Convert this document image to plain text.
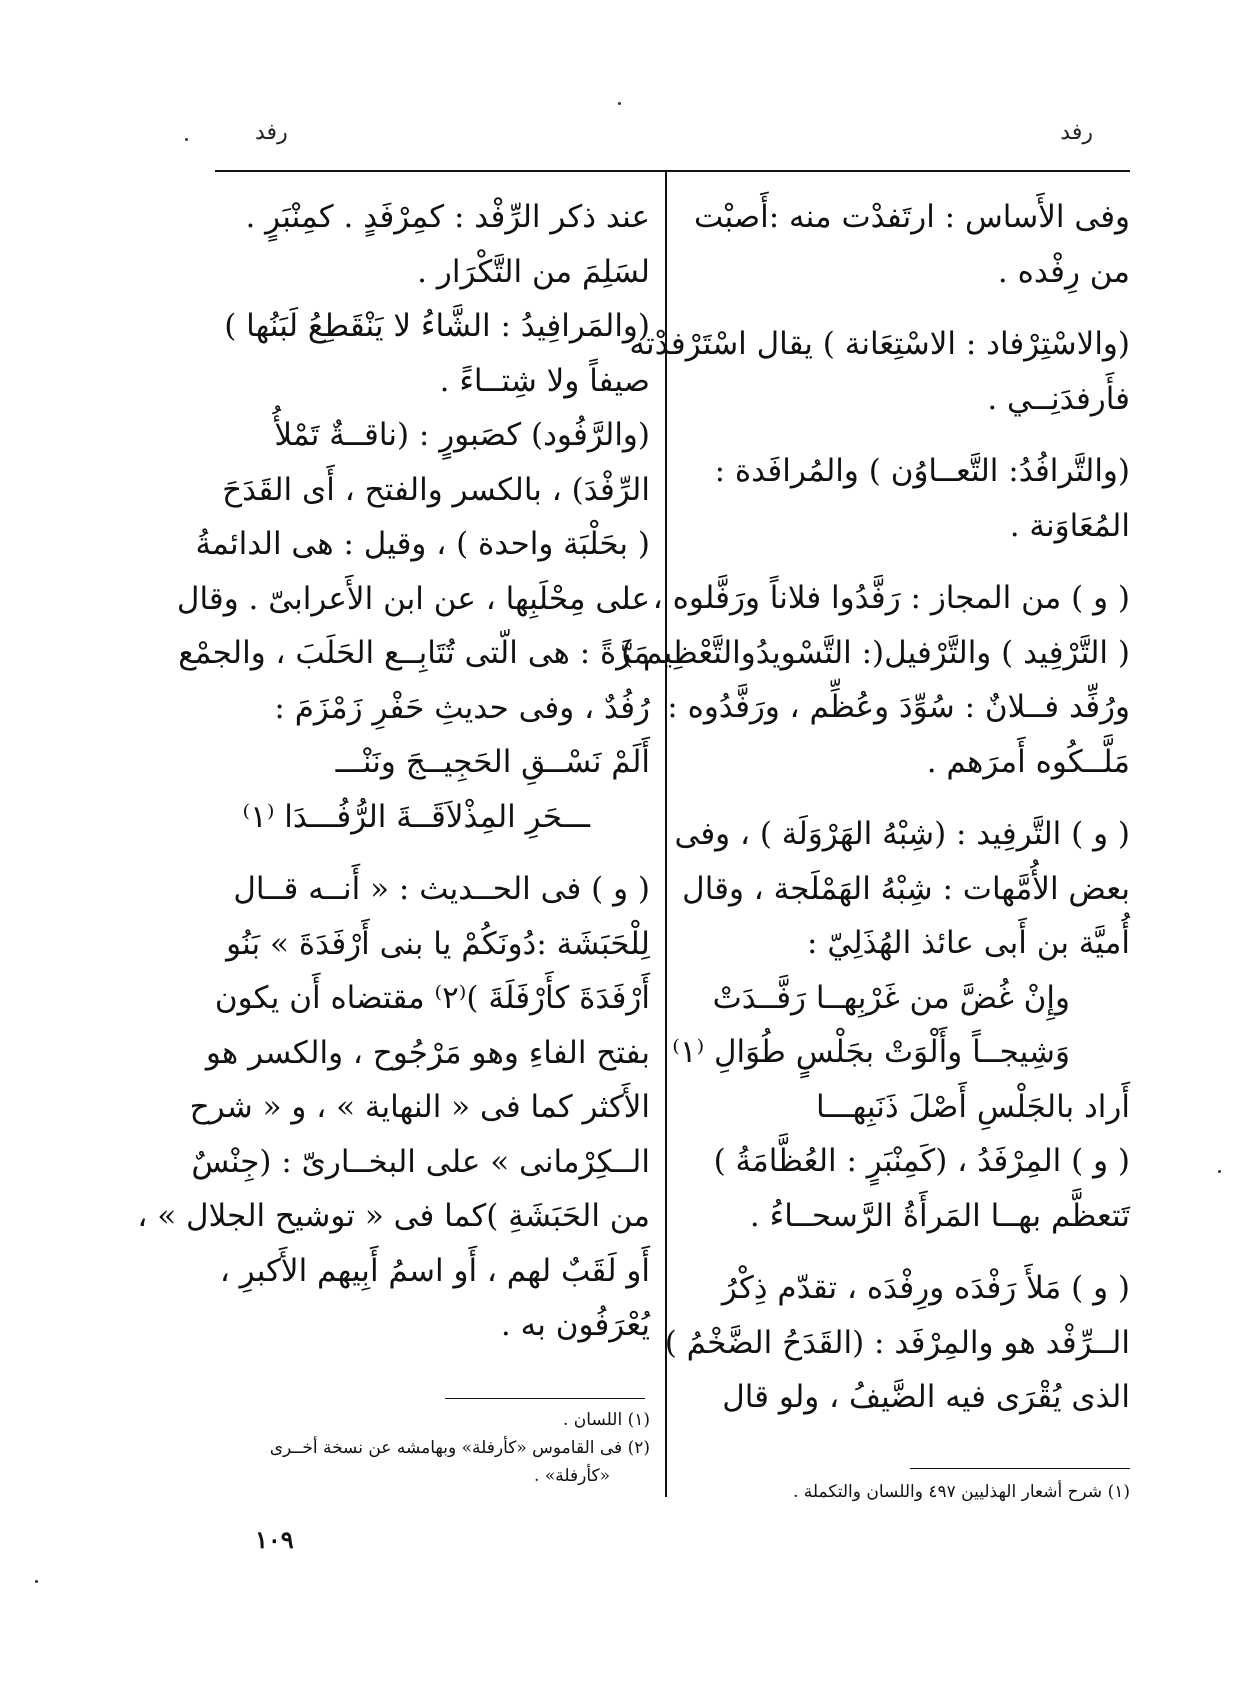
رفد
رفد

وفى الأَساس : ارتَفدْت منه :أَصبْت

من رِفْده .

(والاسْتِرْفاد : الاسْتِعَانة ) يقال اسْتَرْفدْته

فأَرفدَنِــي .

(والتَّرافُدُ: التَّعــاوُن ) والمُرافَدة :

المُعَاوَنة .

( و ) من المجاز : رَفَّدُوا فلاناً ورَفَّلوه ،

( التَّرْفِيد ) والتَّرْفيل(: التَّسْويدُوالتَّعْظِيم )

ورُفِّد فــلانٌ : سُوِّدَ وعُظِّم ، ورَفَّدُوه :

مَلَّــكُوه أَمرَهم .

( و ) التَّرفِيد : (شِبْهُ الهَرْوَلَة ) ، وفى

بعض الأُمَّهات : شِبْهُ الهَمْلَجة ، وقال

أُميَّة بن أَبى عائذ الهُذَلِيّ :

وإِنْ غُضَّ من غَرْبِهــا رَفَّــدَتْ

وَشِيجــاً وأَلْوَتْ بجَلْسٍ طُوَالِ ⁽١⁾

أَراد بالجَلْسِ أَصْلَ ذَنَبِهـــا

( و ) المِرْفَدُ ، (كَمِنْبَرٍ : العُظَّامَةُ )

تَتعظَّم بهــا المَرأَةُ الرَّسحــاءُ .

( و ) مَلأَ رَفْدَه ورِفْدَه ، تقدّم ذِكْرُ

الــرِّفْد هو والمِرْفَد : (القَدَحُ الضَّخْمُ )

الذى يُقْرَى فيه الضَّيفُ ، ولو قال

عند ذكر الرِّفْد : كمِرْفَدٍ . كمِنْبَرٍ .

لسَلِمَ من التَّكْرَار .

(والمَرافِيدُ : الشَّاءُ لا يَنْقَطِعُ لَبَنُها )

صيفاً ولا شِتــاءً .

(والرَّفُود) كصَبورٍ : (ناقــةٌ تَمْلأُ

الرِّفْدَ) ، بالكسر والفتح ، أَى القَدَحَ

( بحَلْبَة واحدة ) ، وقيل : هى الدائمةُ

على مِحْلَبِها ، عن ابن الأَعرابىّ . وقال

مَرَّةً : هى الّتى تُتَابِــع الحَلَبَ ، والجمْع

رُفُدٌ ، وفى حديثِ حَفْرِ زَمْزَمَ :

أَلَمْ نَسْــقِ الحَجِيــجَ ونَنْـــ

ـــحَرِ المِذْلاَقَــةَ الرُّفُـــدَا ⁽١⁾

( و ) فى الحــديث : « أَنــه قــال

لِلْحَبَشَة :دُونَكُمْ يا بنى أَرْفَدَةَ » بَنُو

أَرْفَدَةَ كأَرْفَلَةَ )⁽٢⁾ مقتضاه أَن يكون

بفتح الفاءِ وهو مَرْجُوح ، والكسر هو

الأَكثر كما فى « النهاية » ، و « شرح

الــكِرْمانى » على البخــارىّ : (جِنْسٌ

من الحَبَشَةِ )كما فى « توشيح الجلال » ،

أَو لَقَبٌ لهم ، أَو اسمُ أَبِيهم الأَكبرِ ،

يُعْرَفُون به .

(١) شرح أشعار الهذليين ٤٩٧ واللسان والتكملة .

(١) اللسان .

(٢) فى القاموس «كأرفلة» وبهامشه عن نسخة أخــرى

«كأرفلة» .

١٠٩
